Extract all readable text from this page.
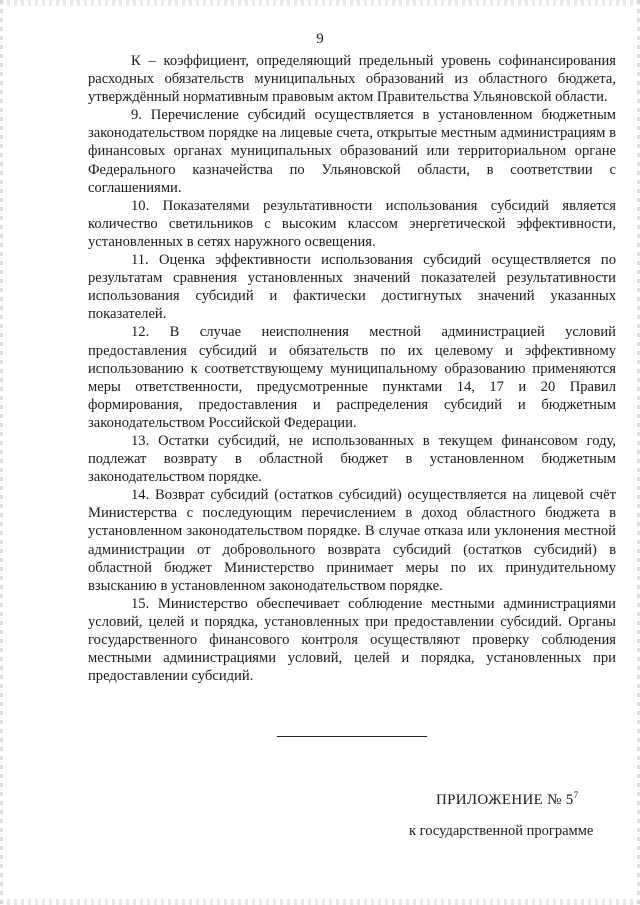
9

К – коэффициент, определяющий предельный уровень софинансирования расходных обязательств муниципальных образований из областного бюджета, утверждённый нормативным правовым актом Правительства Ульяновской области.

9. Перечисление субсидий осуществляется в установленном бюджетным законодательством порядке на лицевые счета, открытые местным администрациям в финансовых органах муниципальных образований или территориальном органе Федерального казначейства по Ульяновской области, в соответствии с соглашениями.

10. Показателями результативности использования субсидий является количество светильников с высоким классом энергетической эффективности, установленных в сетях наружного освещения.

11. Оценка эффективности использования субсидий осуществляется по результатам сравнения установленных значений показателей результативности использования субсидий и фактически достигнутых значений указанных показателей.

12. В случае неисполнения местной администрацией условий предоставления субсидий и обязательств по их целевому и эффективному использованию к соответствующему муниципальному образованию применяются меры ответственности, предусмотренные пунктами 14, 17 и 20 Правил формирования, предоставления и распределения субсидий и бюджетным законодательством Российской Федерации.

13. Остатки субсидий, не использованных в текущем финансовом году, подлежат возврату в областной бюджет в установленном бюджетным законодательством порядке.

14. Возврат субсидий (остатков субсидий) осуществляется на лицевой счёт Министерства с последующим перечислением в доход областного бюджета в установленном законодательством порядке. В случае отказа или уклонения местной администрации от добровольного возврата субсидий (остатков субсидий) в областной бюджет Министерство принимает меры по их принудительному взысканию в установленном законодательством порядке.

15. Министерство обеспечивает соблюдение местными администрациями условий, целей и порядка, установленных при предоставлении субсидий. Органы государственного финансового контроля осуществляют проверку соблюдения местными администрациями условий, целей и порядка, установленных при предоставлении субсидий.

ПРИЛОЖЕНИЕ № $5^7$
к государственной программе
